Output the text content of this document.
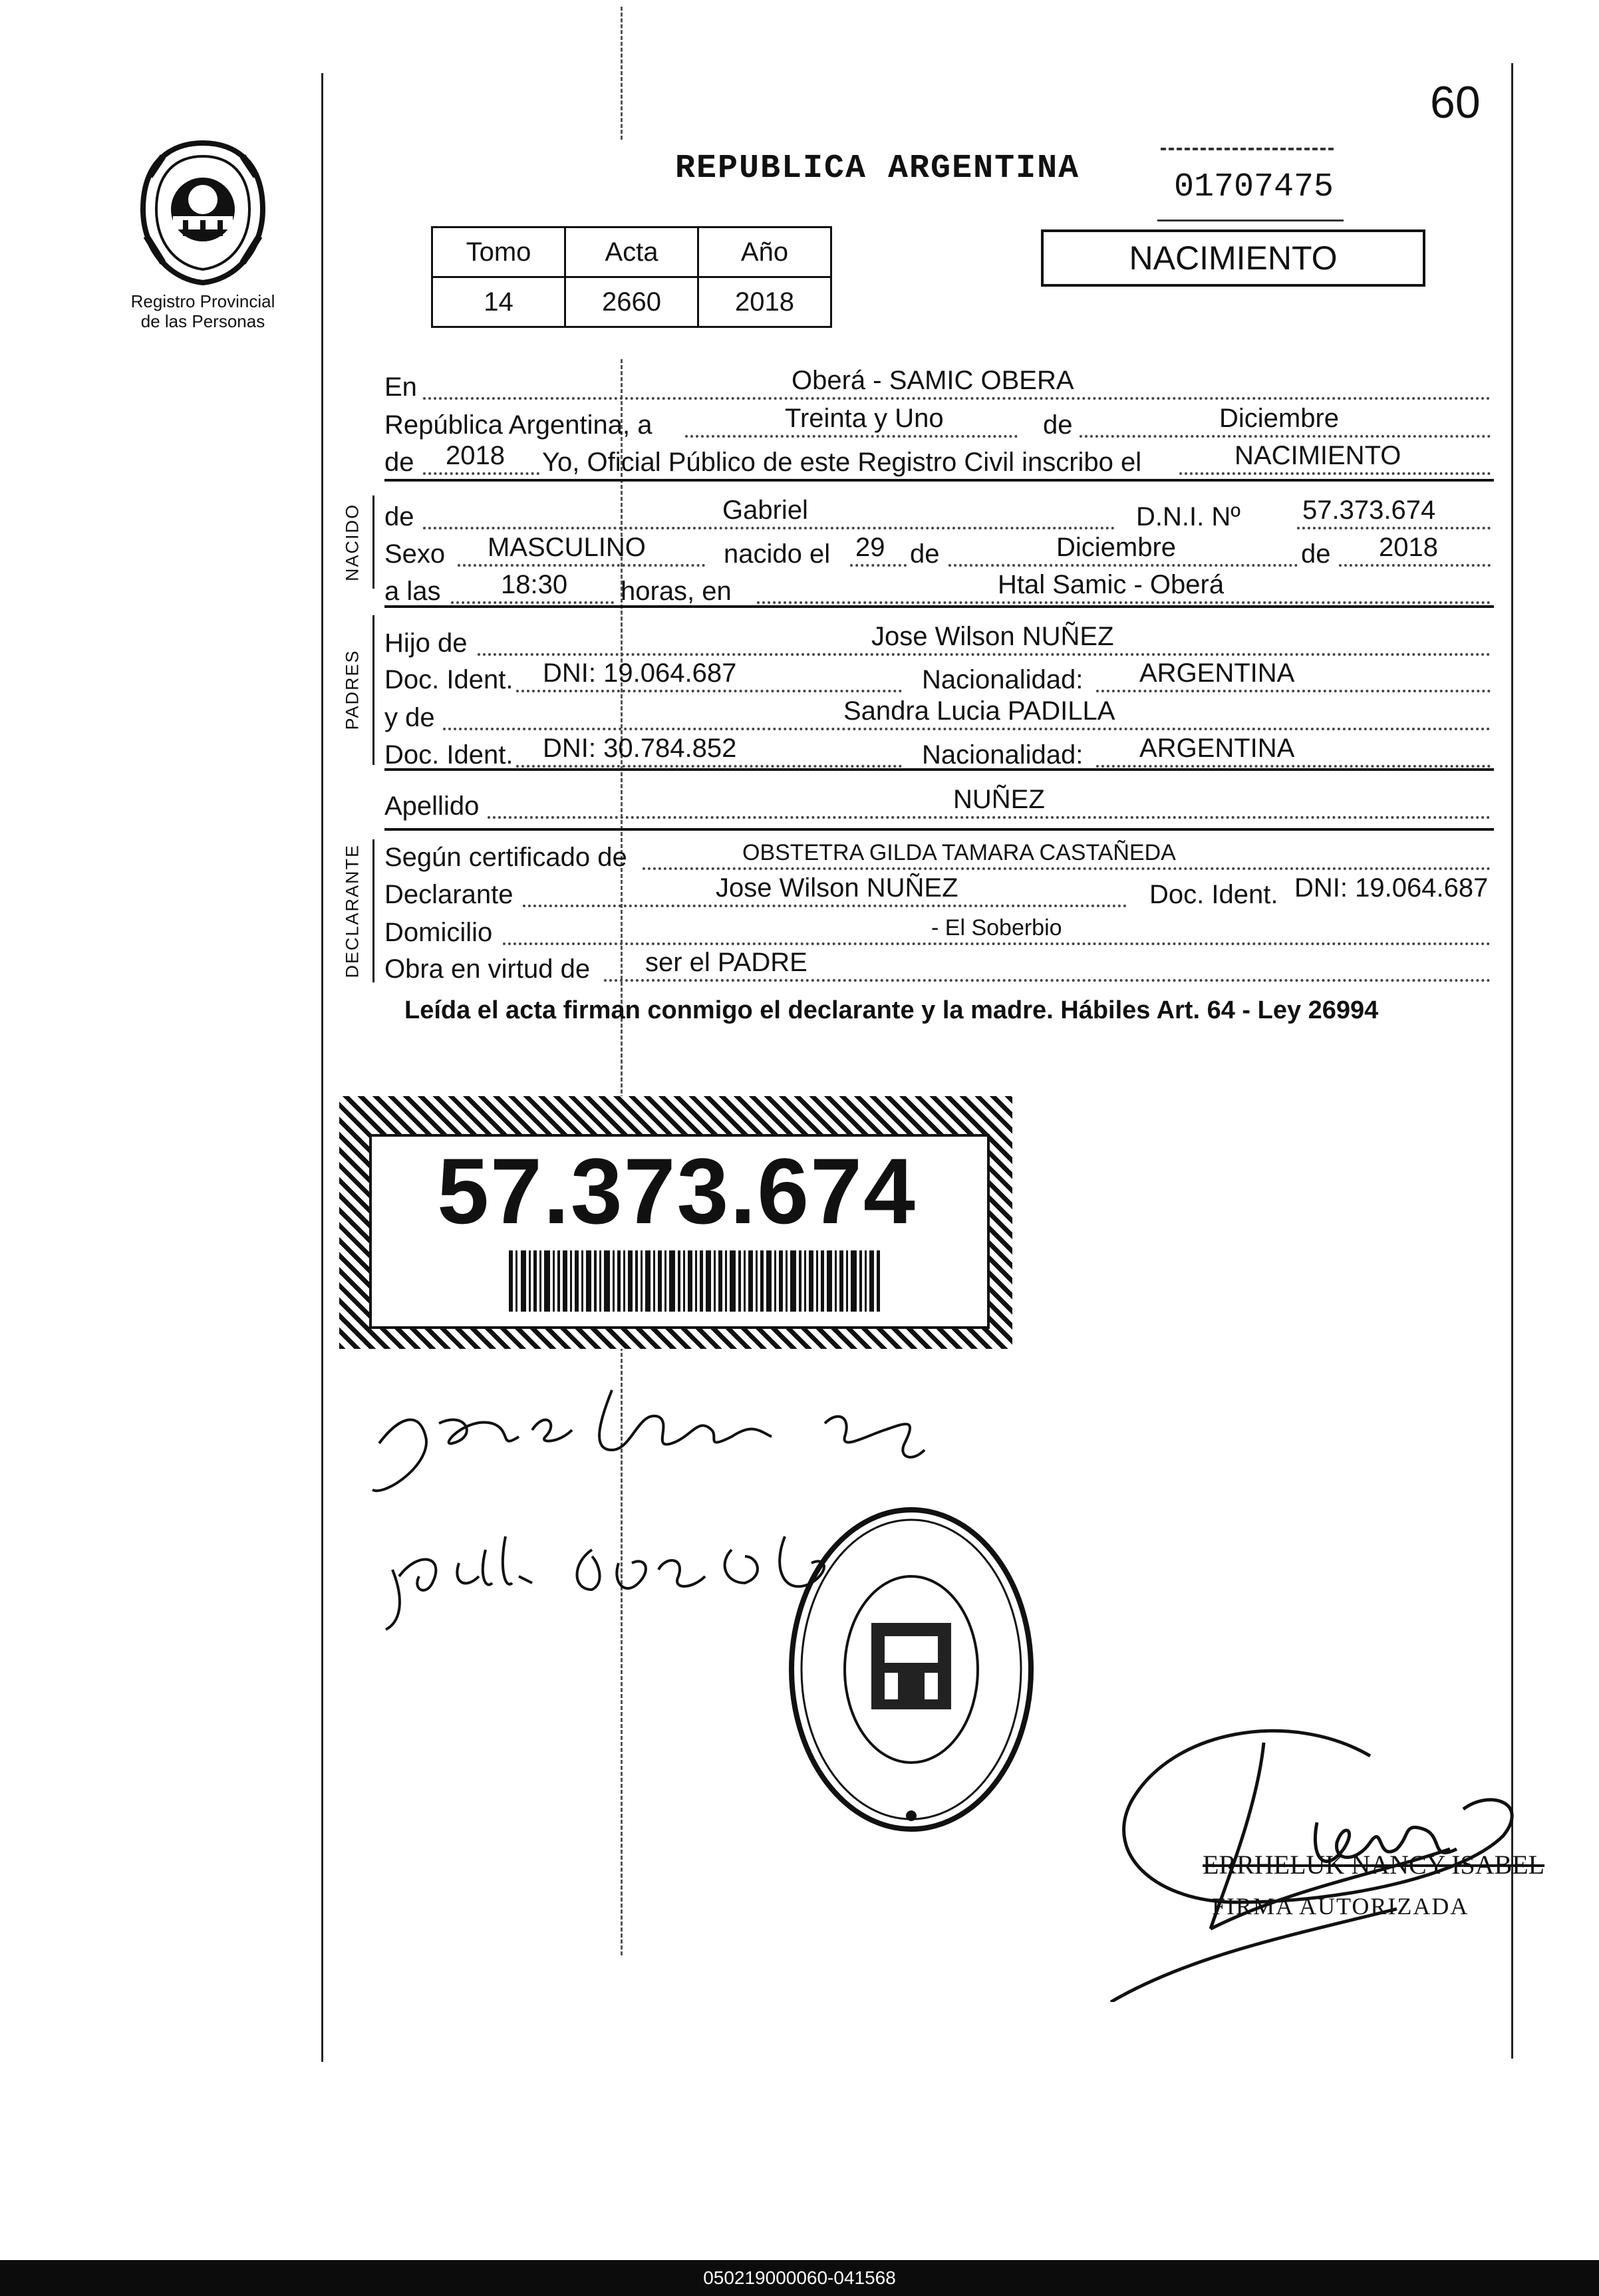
60
Registro Provincial
de las Personas
REPUBLICA ARGENTINA	01707475
Tomo	Acta	Año
14	2660	2018
NACIMIENTO
En	Oberá - SAMIC OBERA
República Argentina, a	Treinta y Uno	de	Diciembre
de 2018 Yo, Oficial Público de este Registro Civil inscribo el	NACIMIENTO
NACIDO de	Gabriel	D.N.I. Nº 57.373.674
Sexo MASCULINO	nacido el 29 de	Diciembre	de 2018
a las 18:30 horas, en	Htal Samic - Oberá
PADRES
Hijo de	Jose Wilson NUÑEZ
Doc. Ident. DNI: 19.064.687	Nacionalidad: ARGENTINA
y de	Sandra Lucia PADILLA
Doc. Ident. DNI: 30.784.852	Nacionalidad: ARGENTINA
Apellido	NUÑEZ
DECLARANTE Según certificado de	OBSTETRA GILDA TAMARA CASTAÑEDA
Declarante	Jose Wilson NUÑEZ	Doc. Ident. DNI: 19.064.687
Domicilio	- El Soberbio
Obra en virtud de ser el PADRE
Leída el acta firman conmigo el declarante y la madre. Hábiles Art. 64 - Ley 26994
57.373.674
ERRHELUK NANCY ISABEL
FIRMA AUTORIZADA
050219000060-041568
